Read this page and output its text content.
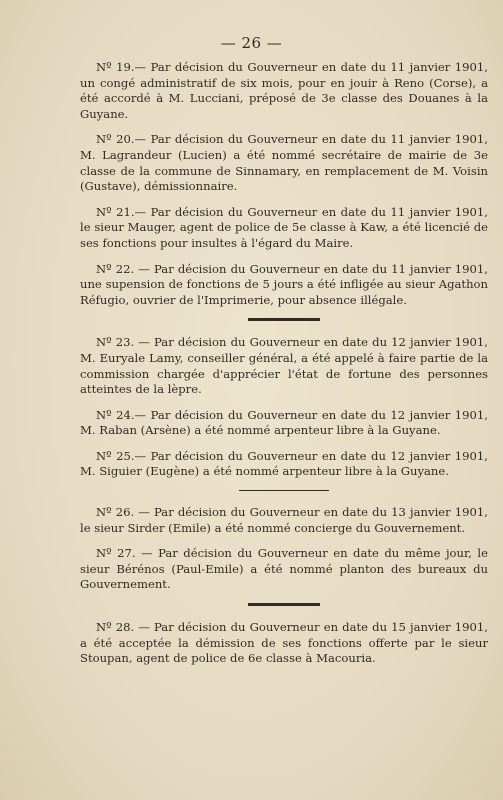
— 26 —

Nº 19.— Par décision du Gouverneur en date du 11 janvier 1901, un congé administratif de six mois, pour en jouir à Reno (Corse), a été accordé à M. Lucciani, préposé de 3e classe des Douanes à la Guyane.

Nº 20.— Par décision du Gouverneur en date du 11 janvier 1901, M. Lagrandeur (Lucien) a été nommé secrétaire de mairie de 3e classe de la commune de Sinnamary, en remplacement de M. Voisin (Gustave), démissionnaire.

Nº 21.— Par décision du Gouverneur en date du 11 janvier 1901, le sieur Mauger, agent de police de 5e classe à Kaw, a été licencié de ses fonctions pour insultes à l'égard du Maire.

Nº 22. — Par décision du Gouverneur en date du 11 janvier 1901, une supension de fonctions de 5 jours a été infligée au sieur Agathon Réfugio, ouvrier de l'Imprimerie, pour absence illégale.

Nº 23. — Par décision du Gouverneur en date du 12 janvier 1901, M. Euryale Lamy, conseiller général, a été appelé à faire partie de la commission chargée d'apprécier l'état de fortune des personnes atteintes de la lèpre.

Nº 24.— Par décision du Gouverneur en date du 12 janvier 1901, M. Raban (Arsène) a été nommé arpenteur libre à la Guyane.

Nº 25.— Par décision du Gouverneur en date du 12 janvier 1901, M. Siguier (Eugène) a été nommé arpenteur libre à la Guyane.

Nº 26. — Par décision du Gouverneur en date du 13 janvier 1901, le sieur Sirder (Emile) a été nommé concierge du Gouvernement.

Nº 27. — Par décision du Gouverneur en date du même jour, le sieur Bérénos (Paul-Emile) a été nommé planton des bureaux du Gouvernement.

Nº 28. — Par décision du Gouverneur en date du 15 janvier 1901, a été acceptée la démission de ses fonctions offerte par le sieur Stoupan, agent de police de 6e classe à Macouria.
